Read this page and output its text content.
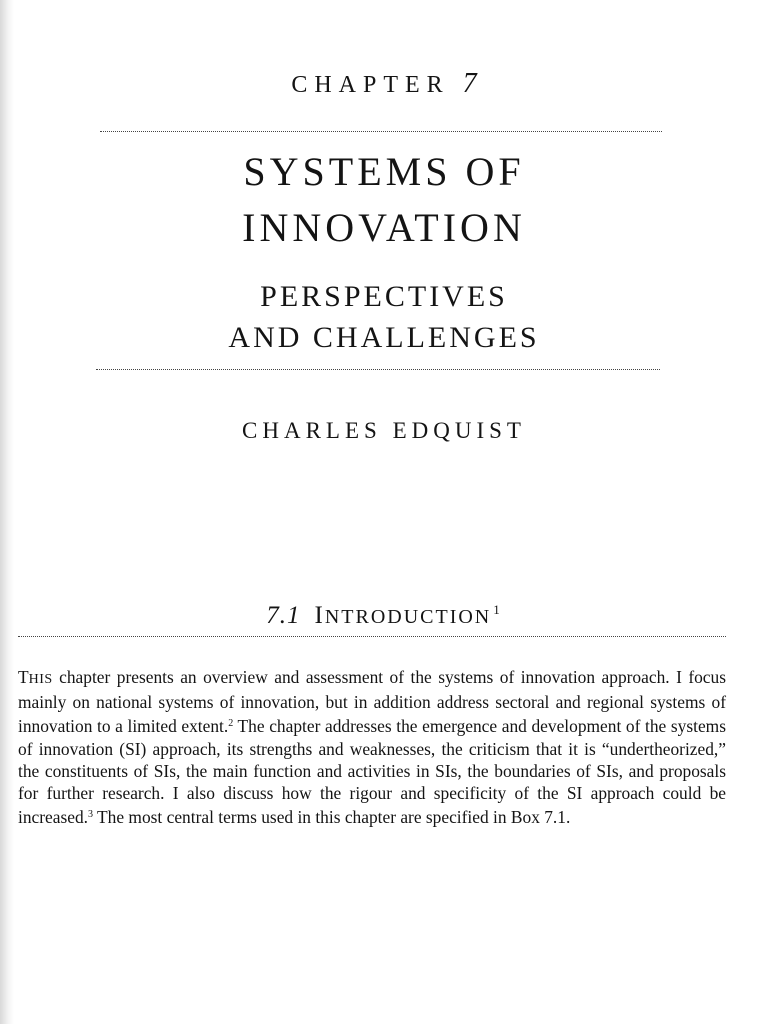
CHAPTER 7
SYSTEMS OF
INNOVATION
PERSPECTIVES
AND CHALLENGES
CHARLES EDQUIST
7.1 INTRODUCTION $^1$
THIS chapter presents an overview and assessment of the systems of innovation approach. I focus mainly on national systems of innovation, but in addition address sectoral and regional systems of innovation to a limited extent.$^2$ The chapter addresses the emergence and development of the systems of innovation (SI) approach, its strengths and weaknesses, the criticism that it is “undertheorized,” the constituents of SIs, the main function and activities in SIs, the boundaries of SIs, and proposals for further research. I also discuss how the rigour and specificity of the SI approach could be increased.$^3$ The most central terms used in this chapter are specified in Box 7.1.
